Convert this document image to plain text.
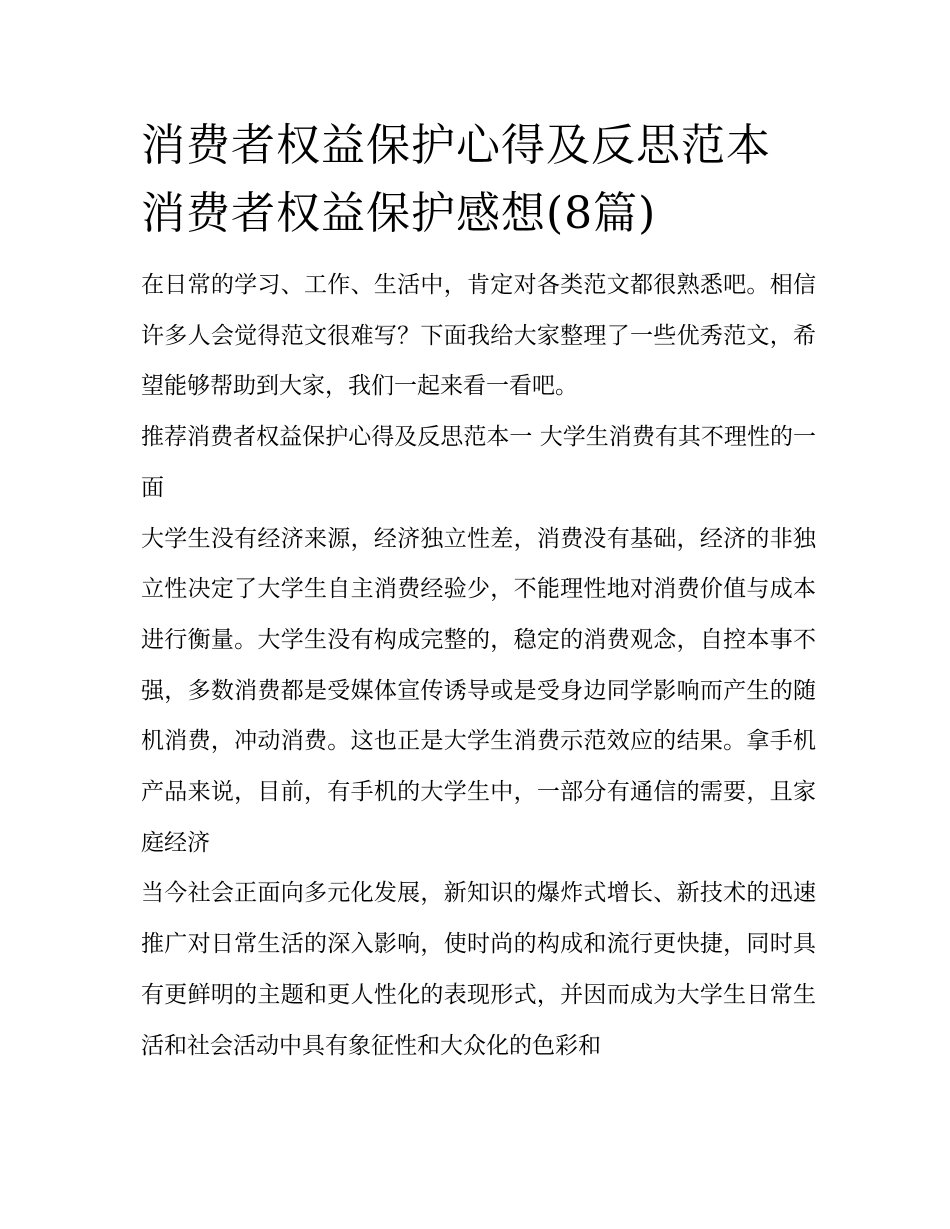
消费者权益保护心得及反思范本 消费者权益保护感想(8篇)

在日常的学习、工作、生活中，肯定对各类范文都很熟悉吧。相信许多人会觉得范文很难写？下面我给大家整理了一些优秀范文，希望能够帮助到大家，我们一起来看一看吧。

推荐消费者权益保护心得及反思范本一 大学生消费有其不理性的一面

大学生没有经济来源，经济独立性差，消费没有基础，经济的非独立性决定了大学生自主消费经验少，不能理性地对消费价值与成本进行衡量。大学生没有构成完整的，稳定的消费观念，自控本事不强，多数消费都是受媒体宣传诱导或是受身边同学影响而产生的随机消费，冲动消费。这也正是大学生消费示范效应的结果。拿手机产品来说，目前，有手机的大学生中，一部分有通信的需要，且家庭经济

当今社会正面向多元化发展，新知识的爆炸式增长、新技术的迅速推广对日常生活的深入影响，使时尚的构成和流行更快捷，同时具有更鲜明的主题和更人性化的表现形式，并因而成为大学生日常生活和社会活动中具有象征性和大众化的色彩和
